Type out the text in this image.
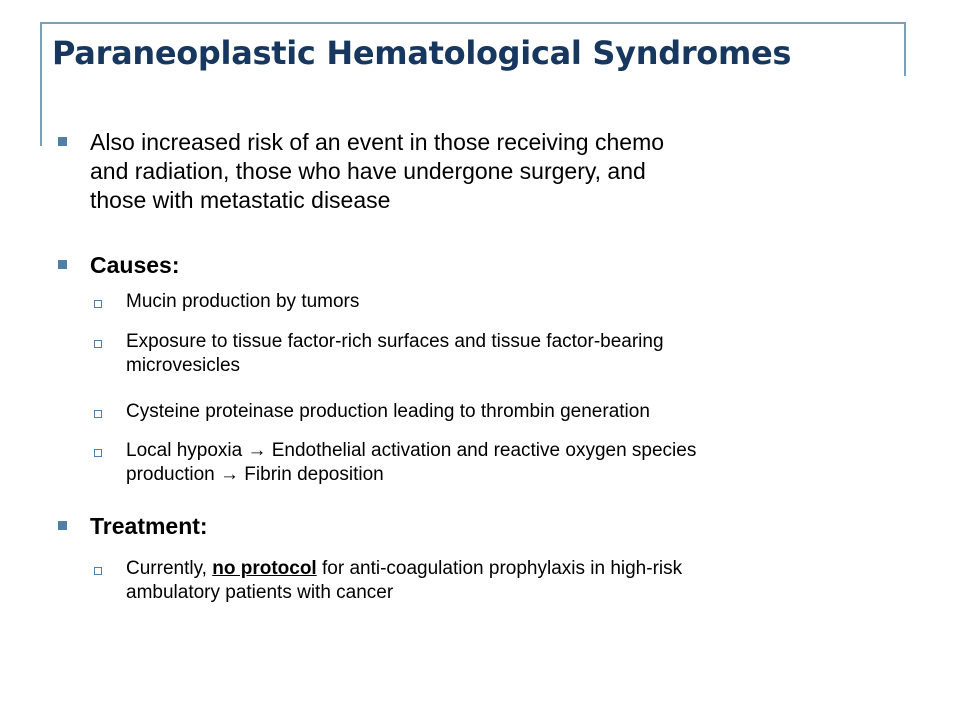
Paraneoplastic Hematological Syndromes
Also increased risk of an event in those receiving chemo
and radiation, those who have undergone surgery, and
those with metastatic disease
Causes:
Mucin production by tumors
Exposure to tissue factor-rich surfaces and tissue factor-bearing
microvesicles
Cysteine proteinase production leading to thrombin generation
Local hypoxia → Endothelial activation and reactive oxygen species
production → Fibrin deposition
Treatment:
Currently, no protocol for anti-coagulation prophylaxis in high-risk
ambulatory patients with cancer
